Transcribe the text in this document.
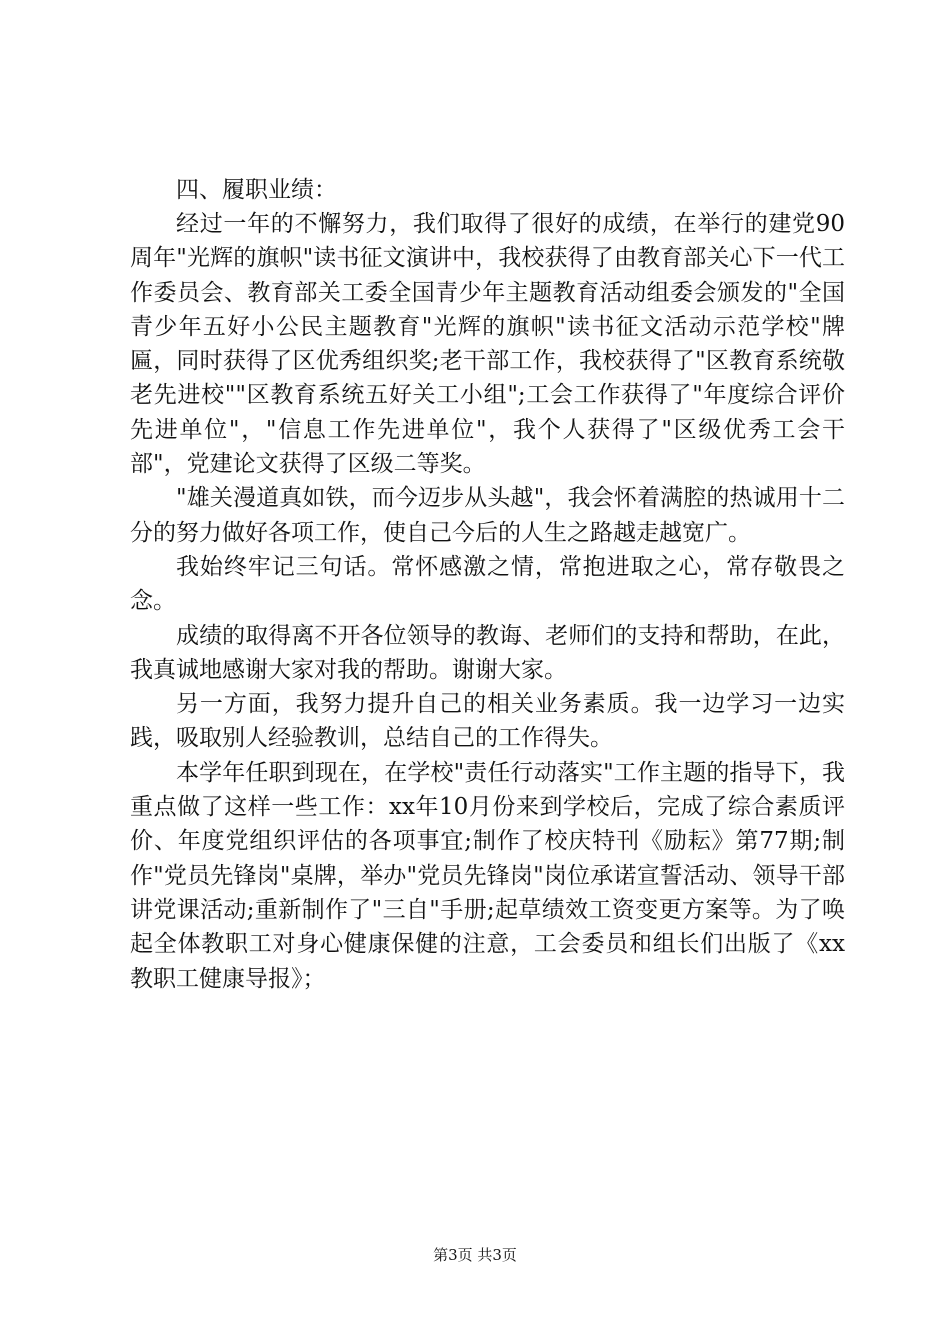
四、履职业绩：

经过一年的不懈努力，我们取得了很好的成绩，在举行的建党90周年"光辉的旗帜"读书征文演讲中，我校获得了由教育部关心下一代工作委员会、教育部关工委全国青少年主题教育活动组委会颁发的"全国青少年五好小公民主题教育"光辉的旗帜"读书征文活动示范学校"牌匾，同时获得了区优秀组织奖;老干部工作，我校获得了"区教育系统敬老先进校""区教育系统五好关工小组";工会工作获得了"年度综合评价先进单位"，"信息工作先进单位"，我个人获得了"区级优秀工会干部"，党建论文获得了区级二等奖。

"雄关漫道真如铁，而今迈步从头越"，我会怀着满腔的热诚用十二分的努力做好各项工作，使自己今后的人生之路越走越宽广。

我始终牢记三句话。常怀感激之情，常抱进取之心，常存敬畏之念。

成绩的取得离不开各位领导的教诲、老师们的支持和帮助，在此，我真诚地感谢大家对我的帮助。谢谢大家。

另一方面，我努力提升自己的相关业务素质。我一边学习一边实践，吸取别人经验教训，总结自己的工作得失。

本学年任职到现在，在学校"责任行动落实"工作主题的指导下，我重点做了这样一些工作：xx年10月份来到学校后，完成了综合素质评价、年度党组织评估的各项事宜;制作了校庆特刊《励耘》第77期;制作"党员先锋岗"桌牌，举办"党员先锋岗"岗位承诺宣誓活动、领导干部讲党课活动;重新制作了"三自"手册;起草绩效工资变更方案等。为了唤起全体教职工对身心健康保健的注意，工会委员和组长们出版了《xx教职工健康导报》；

第3页 共3页
